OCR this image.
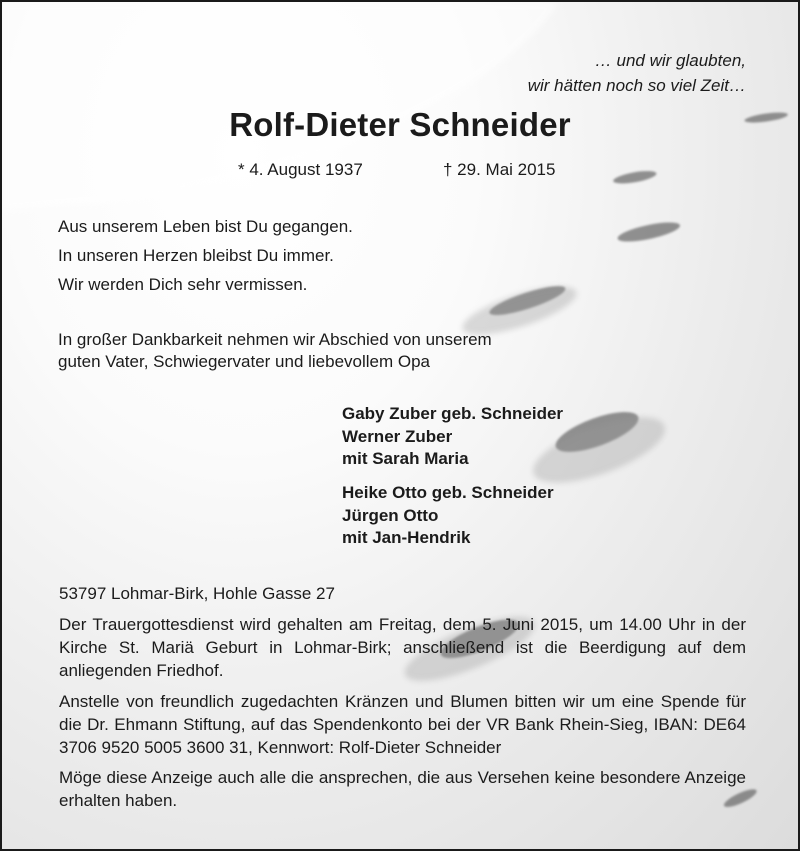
… und wir glaubten,
wir hätten noch so viel Zeit…
Rolf-Dieter Schneider
* 4. August 1937	† 29. Mai 2015
Aus unserem Leben bist Du gegangen.
In unseren Herzen bleibst Du immer.
Wir werden Dich sehr vermissen.
In großer Dankbarkeit nehmen wir Abschied von unserem
guten Vater, Schwiegervater und liebevollem Opa
Gaby Zuber geb. Schneider
Werner Zuber
mit Sarah Maria
Heike Otto geb. Schneider
Jürgen Otto
mit Jan-Hendrik
53797 Lohmar-Birk, Hohle Gasse 27
Der Trauergottesdienst wird gehalten am Freitag, dem 5. Juni 2015, um 14.00 Uhr in der Kirche St. Mariä Geburt in Lohmar-Birk; anschließend ist die Beerdigung auf dem anliegenden Friedhof.
Anstelle von freundlich zugedachten Kränzen und Blumen bitten wir um eine Spende für die Dr. Ehmann Stiftung, auf das Spendenkonto bei der VR Bank Rhein-Sieg, IBAN: DE64 3706 9520 5005 3600 31, Kennwort: Rolf-Dieter Schneider
Möge diese Anzeige auch alle die ansprechen, die aus Versehen keine besondere Anzeige erhalten haben.
